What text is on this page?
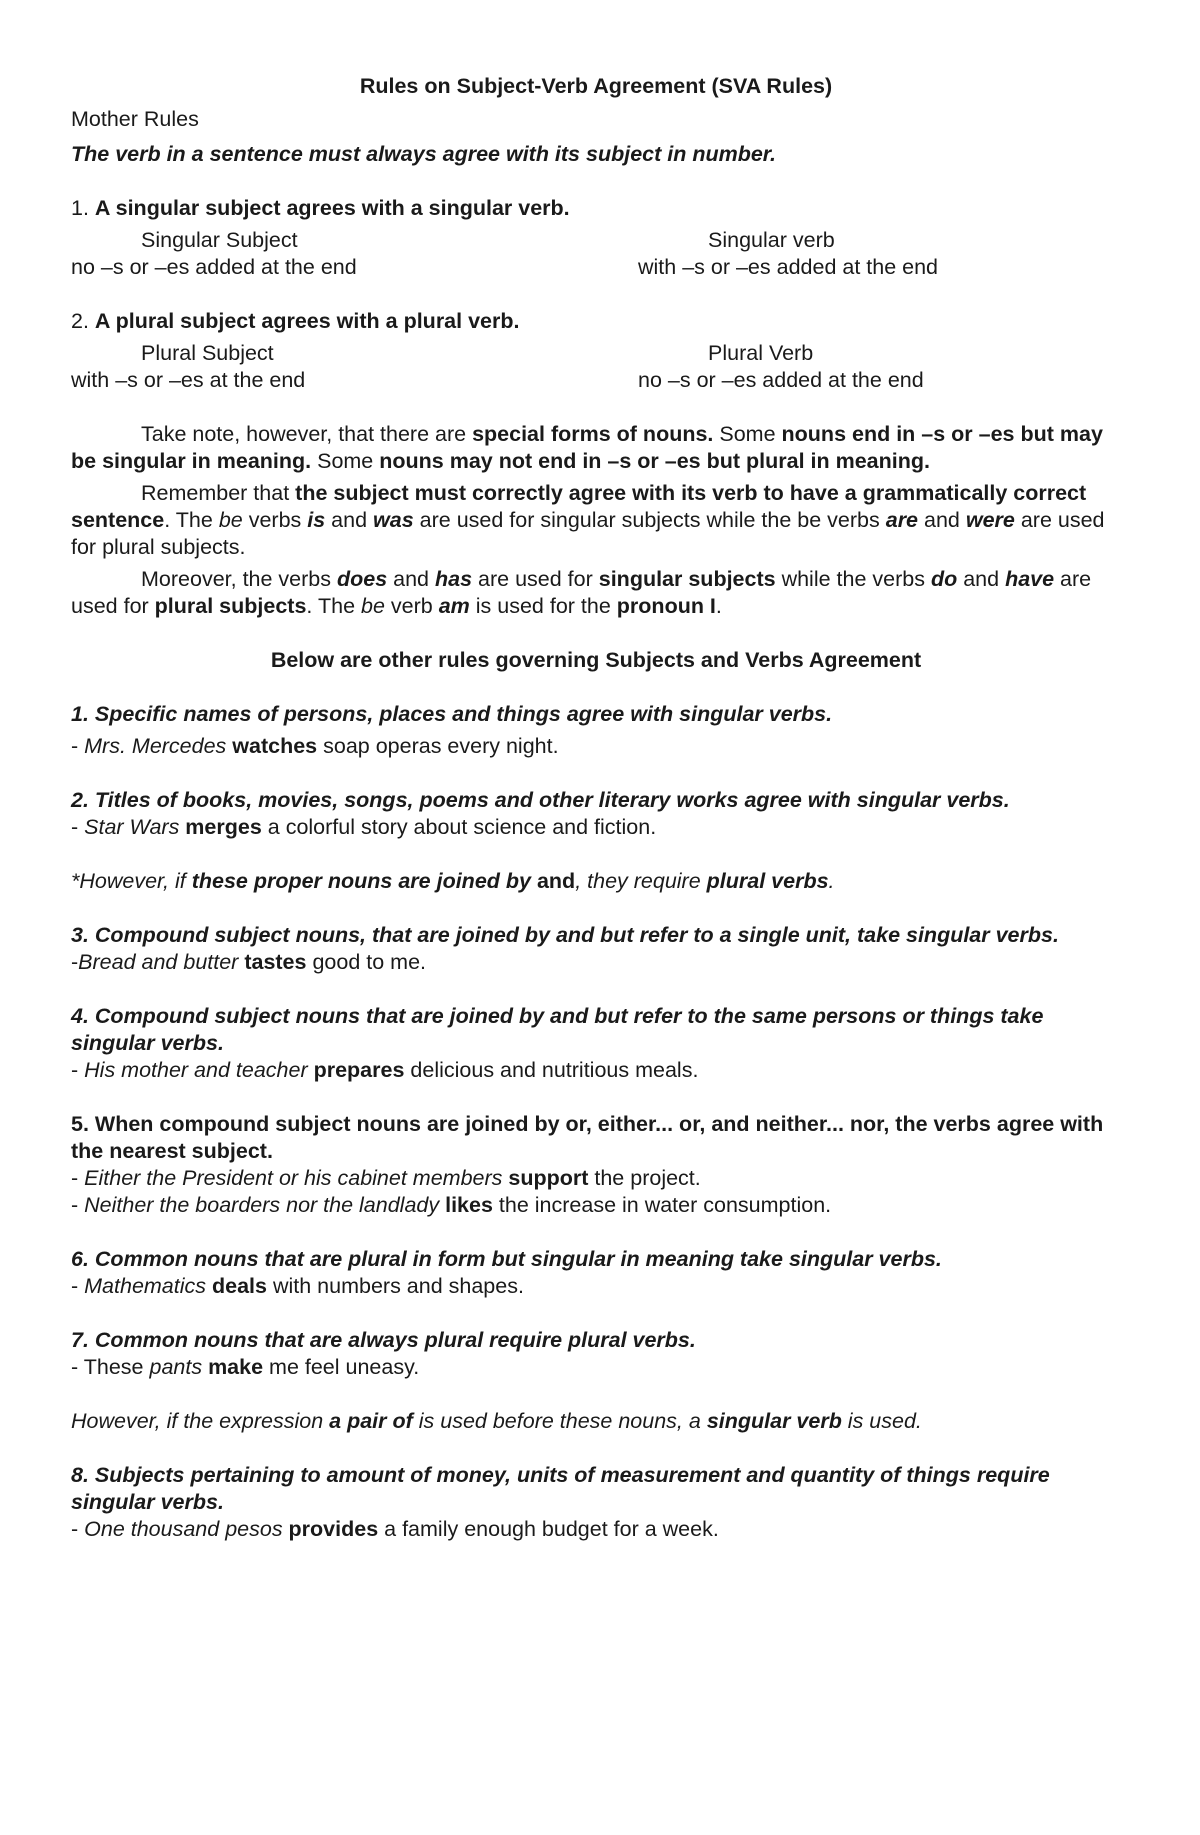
Rules on Subject-Verb Agreement (SVA Rules)

Mother Rules

The verb in a sentence must always agree with its subject in number.

1. A singular subject agrees with a singular verb.

Singular Subject	Singular verb
no –s or –es added at the end	with –s or –es added at the end

2. A plural subject agrees with a plural verb.

Plural Subject	Plural Verb
with –s or –es at the end	no –s or –es added at the end

Take note, however, that there are special forms of nouns. Some nouns end in –s or –es but may be singular in meaning. Some nouns may not end in –s or –es but plural in meaning.

Remember that the subject must correctly agree with its verb to have a grammatically correct sentence. The be verbs is and was are used for singular subjects while the be verbs are and were are used for plural subjects.

Moreover, the verbs does and has are used for singular subjects while the verbs do and have are used for plural subjects. The be verb am is used for the pronoun I.

Below are other rules governing Subjects and Verbs Agreement

1. Specific names of persons, places and things agree with singular verbs.

- Mrs. Mercedes watches soap operas every night.

2. Titles of books, movies, songs, poems and other literary works agree with singular verbs.

- Star Wars merges a colorful story about science and fiction.

*However, if these proper nouns are joined by and, they require plural verbs.

3. Compound subject nouns, that are joined by and but refer to a single unit, take singular verbs.

-Bread and butter tastes good to me.

4. Compound subject nouns that are joined by and but refer to the same persons or things take singular verbs.

- His mother and teacher prepares delicious and nutritious meals.

5. When compound subject nouns are joined by or, either... or, and neither... nor, the verbs agree with the nearest subject.

- Either the President or his cabinet members support the project.

- Neither the boarders nor the landlady likes the increase in water consumption.

6. Common nouns that are plural in form but singular in meaning take singular verbs.

- Mathematics deals with numbers and shapes.

7. Common nouns that are always plural require plural verbs.

- These pants make me feel uneasy.

However, if the expression a pair of is used before these nouns, a singular verb is used.

8. Subjects pertaining to amount of money, units of measurement and quantity of things require singular verbs.

- One thousand pesos provides a family enough budget for a week.
